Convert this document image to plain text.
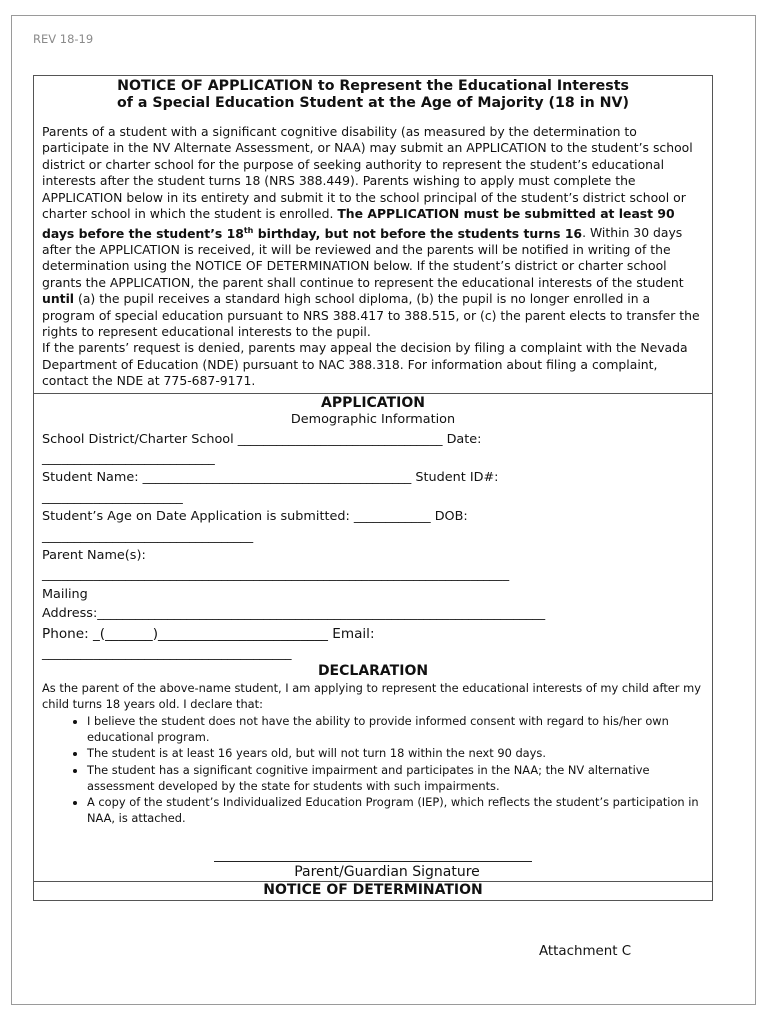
REV 18-19
NOTICE OF APPLICATION to Represent the Educational Interests
of a Special Education Student at the Age of Majority (18 in NV)

Parents of a student with a significant cognitive disability (as measured by the determination to participate in the NV Alternate Assessment, or NAA) may submit an APPLICATION to the student’s school district or charter school for the purpose of seeking authority to represent the student’s educational interests after the student turns 18 (NRS 388.449). Parents wishing to apply must complete the APPLICATION below in its entirety and submit it to the school principal of the student’s district school or charter school in which the student is enrolled. The APPLICATION must be submitted at least 90 days before the student’s 18th birthday, but not before the students turns 16. Within 30 days after the APPLICATION is received, it will be reviewed and the parents will be notified in writing of the determination using the NOTICE OF DETERMINATION below. If the student’s district or charter school grants the APPLICATION, the parent shall continue to represent the educational interests of the student until (a) the pupil receives a standard high school diploma, (b) the pupil is no longer enrolled in a program of special education pursuant to NRS 388.417 to 388.515, or (c) the parent elects to transfer the rights to represent educational interests to the pupil.

If the parents’ request is denied, parents may appeal the decision by filing a complaint with the Nevada Department of Education (NDE) pursuant to NAC 388.318. For information about filing a complaint, contact the NDE at 775-687-9171.

APPLICATION
Demographic Information
School District/Charter School ________________________________ Date:
___________________________
Student Name: __________________________________________ Student ID#:
______________________
Student’s Age on Date Application is submitted: ____________ DOB:
_________________________________
Parent Name(s):
_________________________________________________________________________
Mailing
Address:______________________________________________________________________
Phone: _(_______)_________________________ Email:
_______________________________________
DECLARATION
As the parent of the above-name student, I am applying to represent the educational interests of my child after my child turns 18 years old. I declare that:
• I believe the student does not have the ability to provide informed consent with regard to his/her own educational program.
• The student is at least 16 years old, but will not turn 18 within the next 90 days.
• The student has a significant cognitive impairment and participates in the NAA; the NV alternative assessment developed by the state for students with such impairments.
• A copy of the student’s Individualized Education Program (IEP), which reflects the student’s participation in NAA, is attached.
Parent/Guardian Signature
NOTICE OF DETERMINATION
Attachment C
